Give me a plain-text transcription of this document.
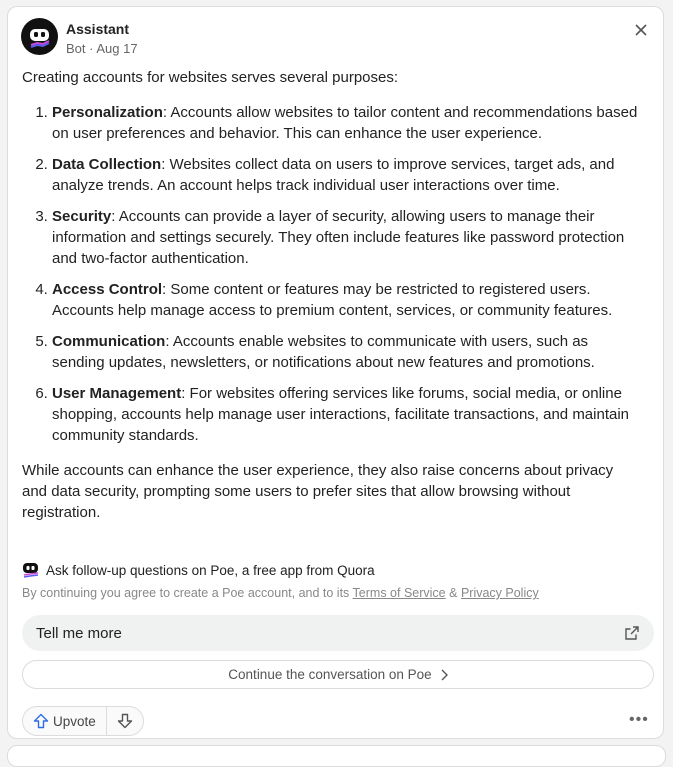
Assistant
Bot · Aug 17

Creating accounts for websites serves several purposes:

1. Personalization: Accounts allow websites to tailor content and recommendations based on user preferences and behavior. This can enhance the user experience.
2. Data Collection: Websites collect data on users to improve services, target ads, and analyze trends. An account helps track individual user interactions over time.
3. Security: Accounts can provide a layer of security, allowing users to manage their information and settings securely. They often include features like password protection and two-factor authentication.
4. Access Control: Some content or features may be restricted to registered users. Accounts help manage access to premium content, services, or community features.
5. Communication: Accounts enable websites to communicate with users, such as sending updates, newsletters, or notifications about new features and promotions.
6. User Management: For websites offering services like forums, social media, or online shopping, accounts help manage user interactions, facilitate transactions, and maintain community standards.

While accounts can enhance the user experience, they also raise concerns about privacy and data security, prompting some users to prefer sites that allow browsing without registration.

Ask follow-up questions on Poe, a free app from Quora
By continuing you agree to create a Poe account, and to its Terms of Service & Privacy Policy
Tell me more
Continue the conversation on Poe
Upvote	•••
